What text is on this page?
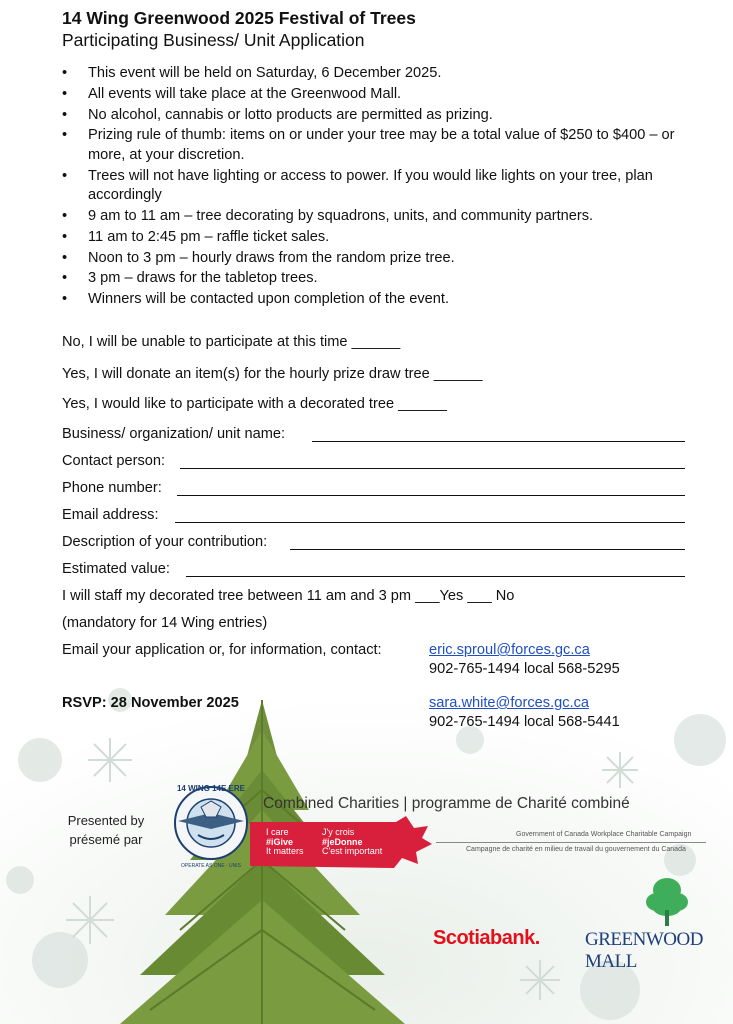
14 Wing Greenwood 2025 Festival of Trees
Participating Business/ Unit Application
• This event will be held on Saturday, 6 December 2025.
• All events will take place at the Greenwood Mall.
• No alcohol, cannabis or lotto products are permitted as prizing.
• Prizing rule of thumb: items on or under your tree may be a total value of $250 to $400 – or more, at your discretion.
• Trees will not have lighting or access to power. If you would like lights on your tree, plan accordingly
• 9 am to 11 am – tree decorating by squadrons, units, and community partners.
• 11 am to 2:45 pm – raffle ticket sales.
• Noon to 3 pm – hourly draws from the random prize tree.
• 3 pm – draws for the tabletop trees.
• Winners will be contacted upon completion of the event.
No, I will be unable to participate at this time ______
Yes, I will donate an item(s) for the hourly prize draw tree ______
Yes, I would like to participate with a decorated tree ______
Business/ organization/ unit name:
Contact person:
Phone number:
Email address:
Description of your contribution:
Estimated value:
I will staff my decorated tree between 11 am and 3 pm ___Yes ___ No
(mandatory for 14 Wing entries)
Email your application or, for information, contact:	eric.sproul@forces.gc.ca
902-765-1494 local 568-5295
RSVP: 28 November 2025	sara.white@forces.gc.ca
902-765-1494 local 568-5441
Presented by
présemé par
14 WING 14E ERE
OPERATE AS ONE · UNIS
Combined Charities | programme de Charité combiné
I care
#iGive
It matters
J'y crois
#jeDonne
C'est important
Government of Canada Workplace Charitable Campaign
Campagne de charité en milieu de travail du gouvernement du Canada
Scotiabank. GREENWOOD MALL
